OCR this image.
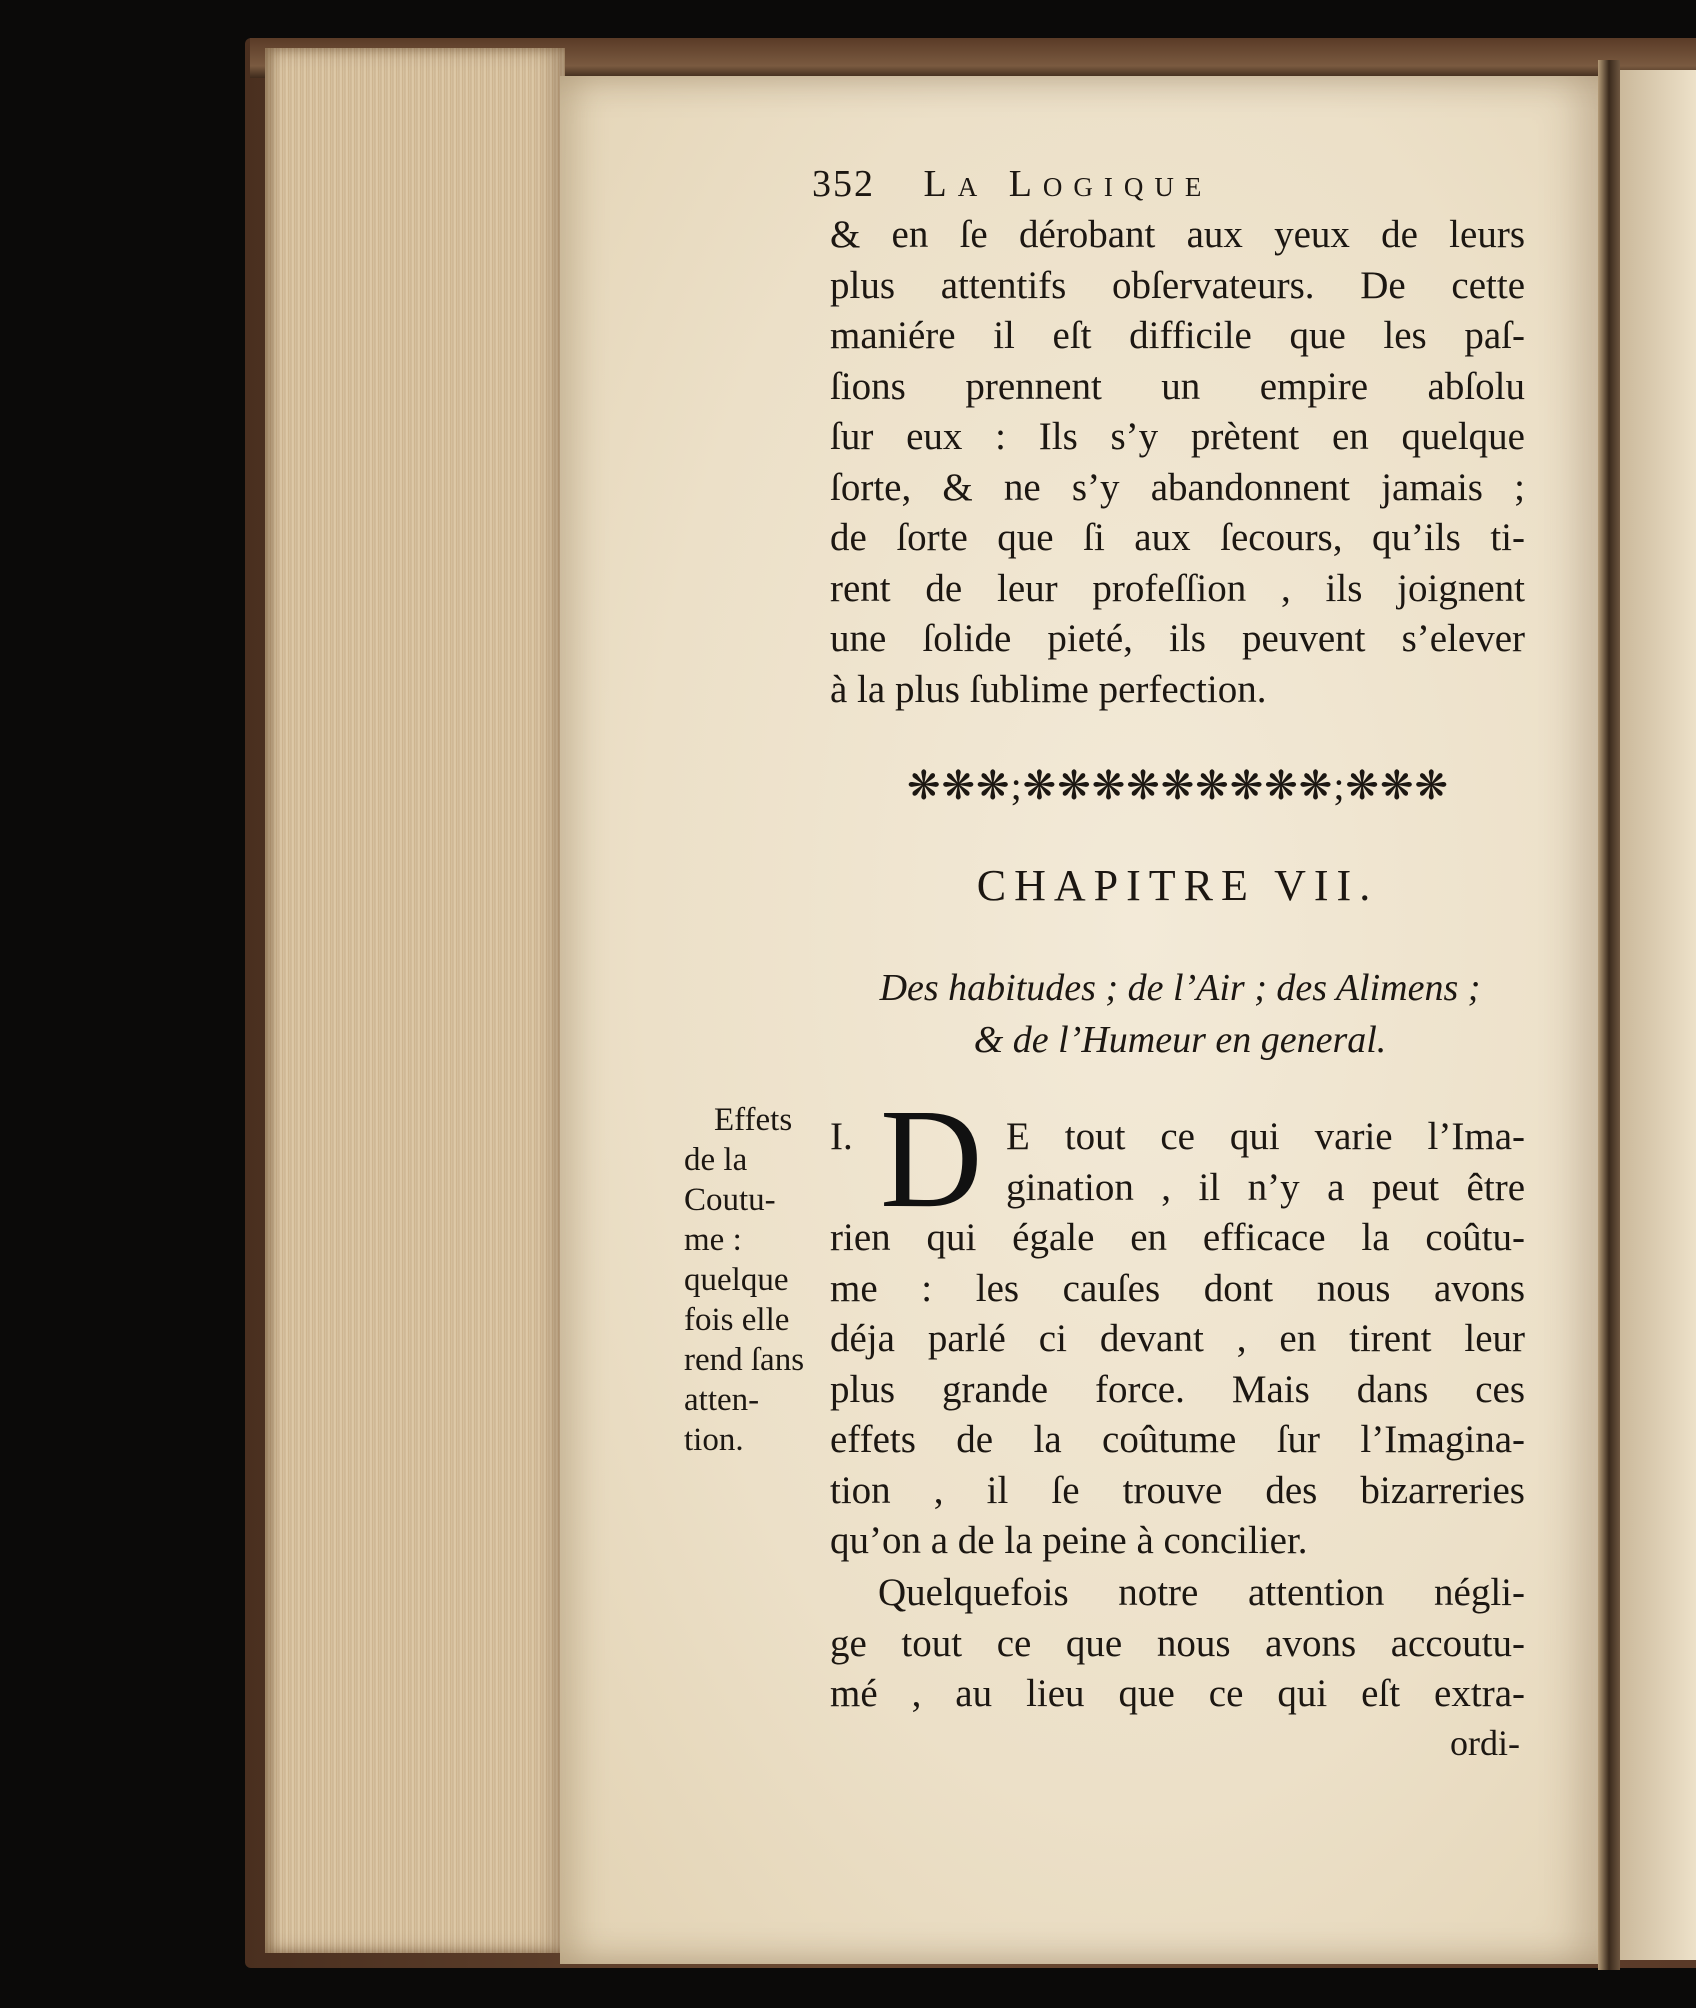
352 La Logique
& en ſe dérobant aux yeux de leurs
plus attentifs obſervateurs. De cette
maniére il eſt difficile que les paſ-
ſions prennent un empire abſolu
ſur eux : Ils s’y prètent en quelque
ſorte, & ne s’y abandonnent jamais ;
de ſorte que ſi aux ſecours, qu’ils ti-
rent de leur profeſſion , ils joignent
une ſolide pieté, ils peuvent s’elever
à la plus ſublime perfection.
❋❋❋;❋❋❋❋❋❋❋❋❋;❋❋❋
CHAPITRE VII.
Des habitudes ; de l’Air ; des Alimens ;
& de l’Humeur en general.
Effets
de la
Coutu-
me :
quelque
fois elle
rend ſans
atten-
tion.
D
I.	E tout ce qui varie l’Ima-
gination , il n’y a peut être
rien qui égale en efficace la coûtu-
me : les cauſes dont nous avons
déja parlé ci devant , en tirent leur
plus grande force. Mais dans ces
effets de la coûtume ſur l’Imagina-
tion , il ſe trouve des bizarreries
qu’on a de la peine à concilier.
Quelquefois notre attention négli-
ge tout ce que nous avons accoutu-
mé , au lieu que ce qui eſt extra-
ordi-
